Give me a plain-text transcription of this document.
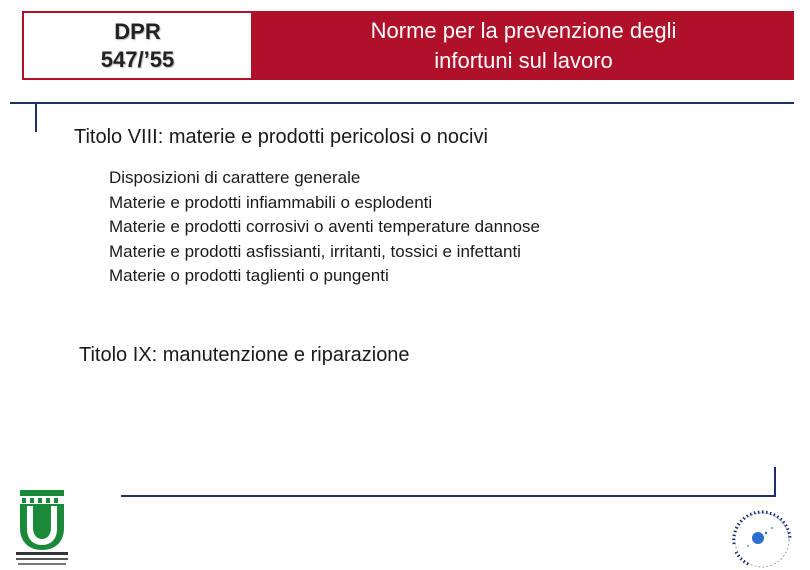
DPR
547/’55
Norme per la prevenzione degli
infortuni sul lavoro
Titolo VIII: materie e prodotti pericolosi o nocivi
Disposizioni di carattere generale
Materie e prodotti infiammabili o esplodenti
Materie e prodotti corrosivi o aventi temperature dannose
Materie e prodotti asfissianti, irritanti, tossici e infettanti
Materie o prodotti taglienti o pungenti
Titolo IX: manutenzione e riparazione
